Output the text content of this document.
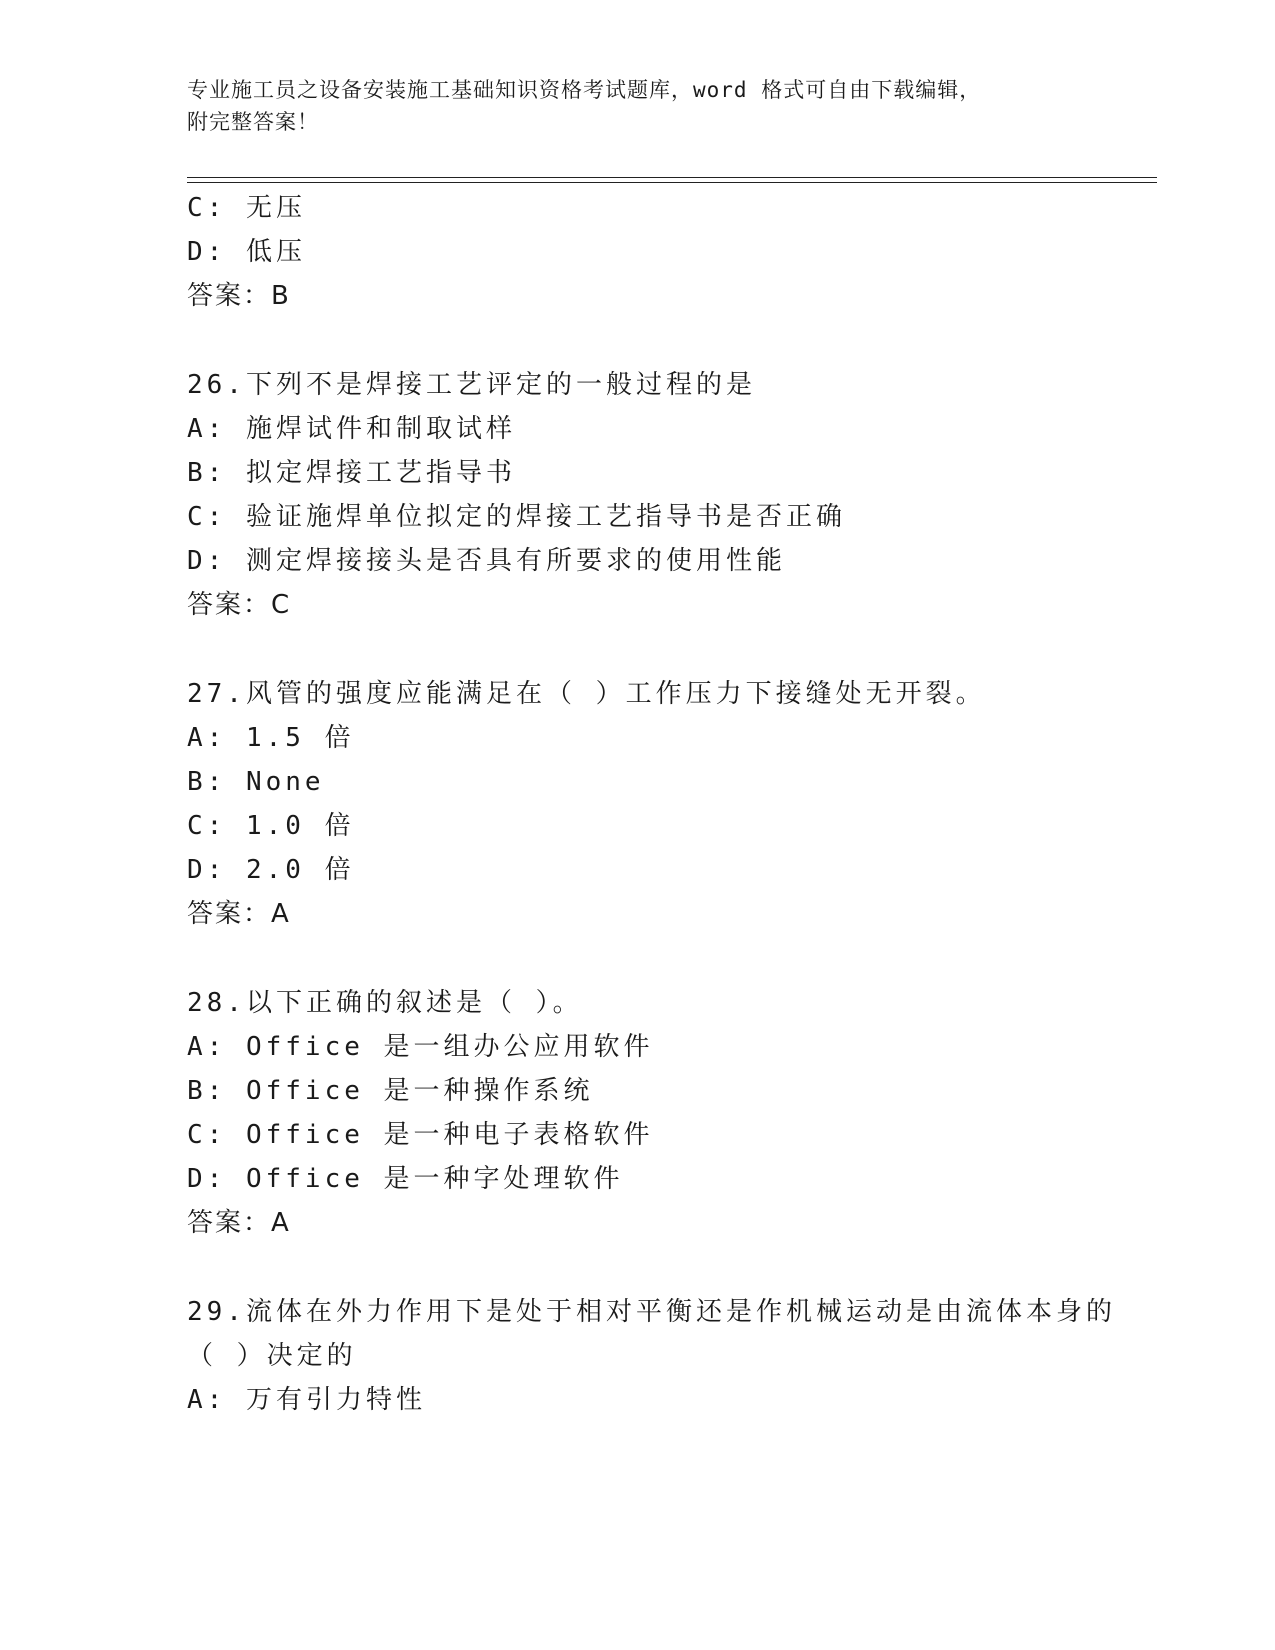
专业施工员之设备安装施工基础知识资格考试题库，word 格式可自由下载编辑，
附完整答案！
C: 无压
D: 低压
答案：B
26.下列不是焊接工艺评定的一般过程的是
A: 施焊试件和制取试样
B: 拟定焊接工艺指导书
C: 验证施焊单位拟定的焊接工艺指导书是否正确
D: 测定焊接接头是否具有所要求的使用性能
答案：C
27.风管的强度应能满足在（ ）工作压力下接缝处无开裂。
A: 1.5 倍
B: None
C: 1.0 倍
D: 2.0 倍
答案：A
28.以下正确的叙述是（ ）。
A: Office 是一组办公应用软件
B: Office 是一种操作系统
C: Office 是一种电子表格软件
D: Office 是一种字处理软件
答案：A
29.流体在外力作用下是处于相对平衡还是作机械运动是由流体本身的
（ ）决定的
A: 万有引力特性
